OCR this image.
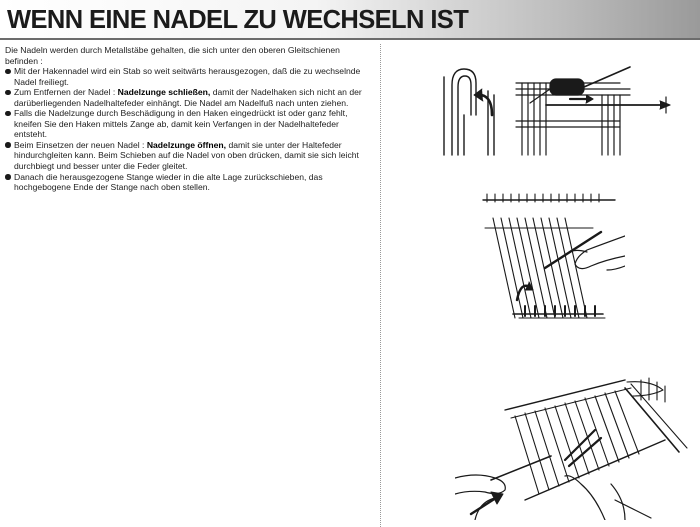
WENN EINE NADEL ZU WECHSELN IST

Die Nadeln werden durch Metallstäbe gehalten, die sich unter den oberen Gleitschienen befinden :

Mit der Hakennadel wird ein Stab so weit seitwärts herausgezogen, daß die zu wechselnde Nadel freiliegt.
Zum Entfernen der Nadel : Nadelzunge schließen, damit der Nadelhaken sich nicht an der darüberliegenden Nadelhaltefeder einhängt. Die Nadel am Nadelfuß nach unten ziehen.
Falls die Nadelzunge durch Beschädigung in den Haken eingedrückt ist oder ganz fehlt, kneifen Sie den Haken mittels Zange ab, damit kein Verfangen in der Nadelhaltefeder entsteht.
Beim Einsetzen der neuen Nadel : Nadelzunge öffnen, damit sie unter der Haltefeder hindurchgleiten kann. Beim Schieben auf die Nadel von oben drücken, damit sie sich leicht durchbiegt und besser unter die Feder gleitet.
Danach die herausgezogene Stange wieder in die alte Lage zurückschieben, das hochgebogene Ende der Stange nach oben stellen.
